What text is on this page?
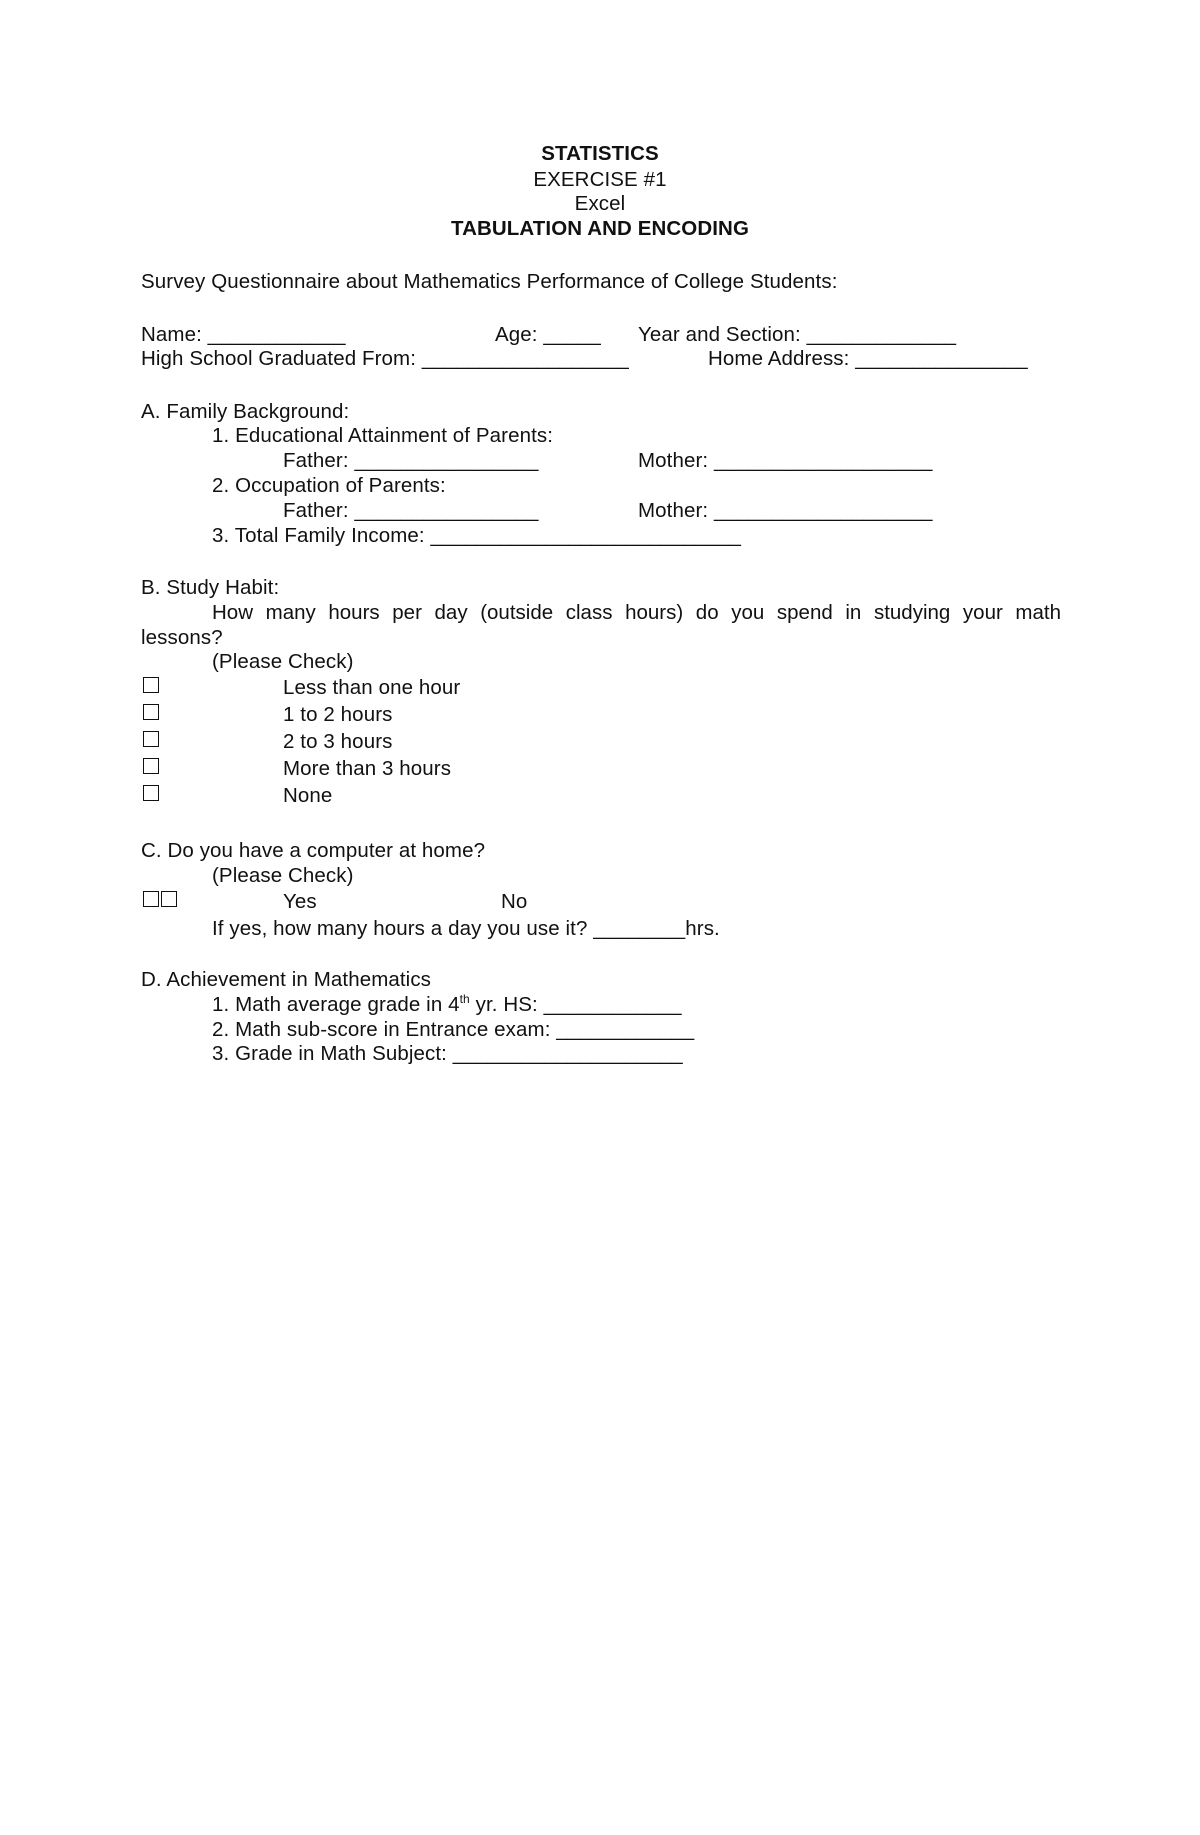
STATISTICS
EXERCISE #1
Excel
TABULATION AND ENCODING
Survey Questionnaire about Mathematics Performance of College Students:
Name: ____________	Age: _____ Year and Section: _____________
High School Graduated From: __________________	Home Address: _______________
A. Family Background:
1. Educational Attainment of Parents:
Father: ________________	Mother: ___________________
2. Occupation of Parents:
Father: ________________	Mother: ___________________
3. Total Family Income: ___________________________
B. Study Habit:
How many hours per day (outside class hours) do you spend in studying your math
lessons?
(Please Check)
Less than one hour
1 to 2 hours
2 to 3 hours
More than 3 hours
None
C. Do you have a computer at home?
(Please Check)
Yes	No
If yes, how many hours a day you use it? ________hrs.
D. Achievement in Mathematics
1. Math average grade in 4th yr. HS: ____________
2. Math sub-score in Entrance exam: ____________
3. Grade in Math Subject: ____________________
